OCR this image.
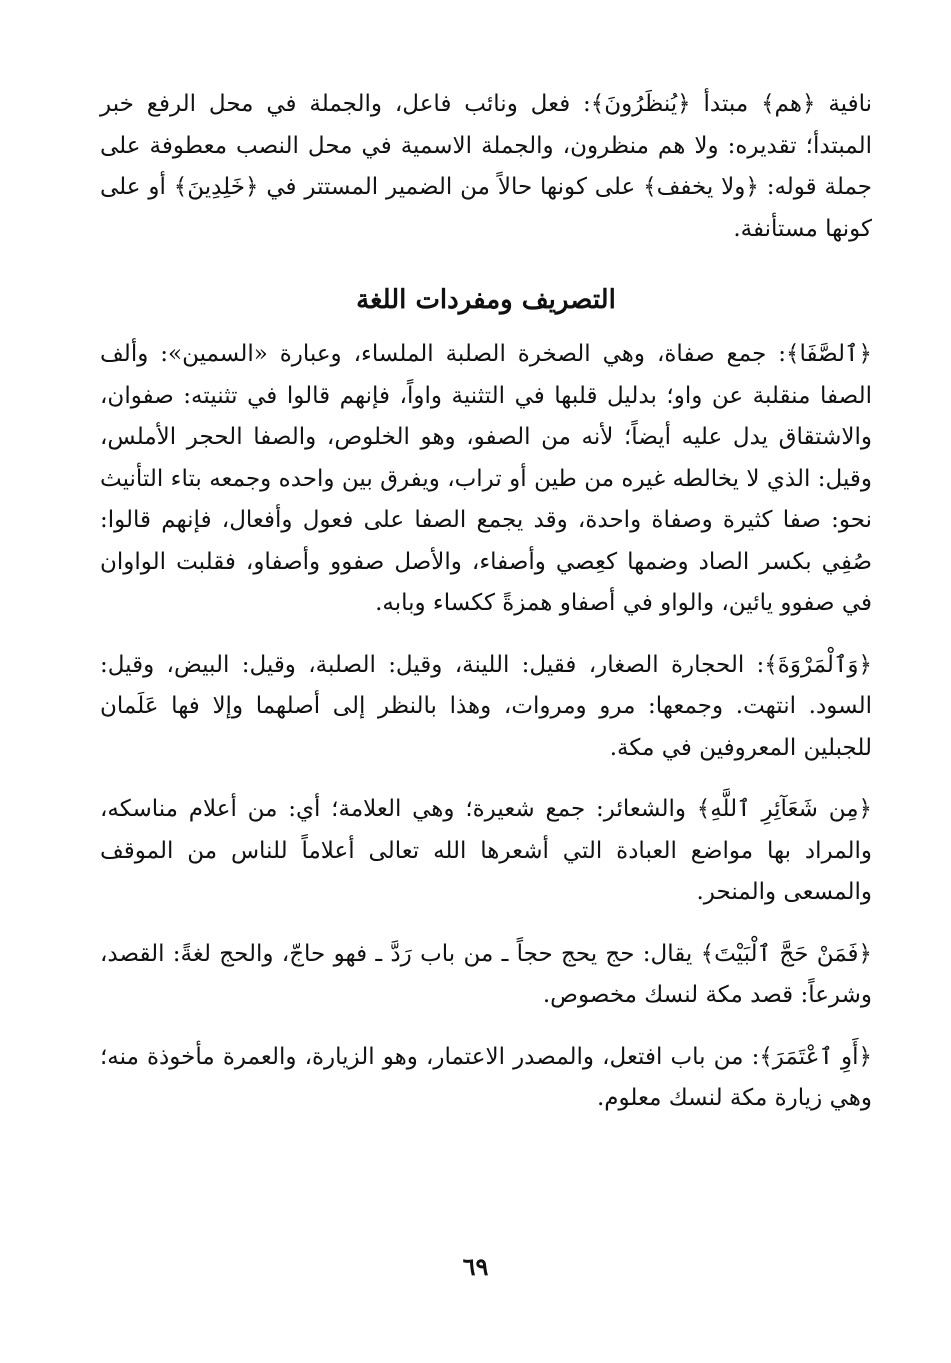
نافية ﴿هم﴾ مبتدأ ﴿يُنظَرُونَ﴾: فعل ونائب فاعل، والجملة في محل الرفع خبر المبتدأ؛ تقديره: ولا هم منظرون، والجملة الاسمية في محل النصب معطوفة على جملة قوله: ﴿ولا يخفف﴾ على كونها حالاً من الضمير المستتر في ﴿خَلِدِينَ﴾ أو على كونها مستأنفة.

التصريف ومفردات اللغة

﴿ٱلصَّفَا﴾: جمع صفاة، وهي الصخرة الصلبة الملساء، وعبارة «السمين»: وألف الصفا منقلبة عن واو؛ بدليل قلبها في التثنية واواً، فإنهم قالوا في تثنيته: صفوان، والاشتقاق يدل عليه أيضاً؛ لأنه من الصفو، وهو الخلوص، والصفا الحجر الأملس، وقيل: الذي لا يخالطه غيره من طين أو تراب، ويفرق بين واحده وجمعه بتاء التأنيث نحو: صفا كثيرة وصفاة واحدة، وقد يجمع الصفا على فعول وأفعال، فإنهم قالوا: صُفِي بكسر الصاد وضمها كعِصي وأصفاء، والأصل صفوو وأصفاو، فقلبت الواوان في صفوو يائين، والواو في أصفاو همزةً ككساء وبابه.

﴿وَٱلْمَرْوَةَ﴾: الحجارة الصغار، فقيل: اللينة، وقيل: الصلبة، وقيل: البيض، وقيل: السود. انتهت. وجمعها: مرو ومروات، وهذا بالنظر إلى أصلهما وإلا فها عَلَمان للجبلين المعروفين في مكة.

﴿مِن شَعَآئِرِ ٱللَّهِ﴾ والشعائر: جمع شعيرة؛ وهي العلامة؛ أي: من أعلام مناسكه، والمراد بها مواضع العبادة التي أشعرها الله تعالى أعلاماً للناس من الموقف والمسعى والمنحر.

﴿فَمَنْ حَجَّ ٱلْبَيْتَ﴾ يقال: حج يحج حجاً ـ من باب رَدَّ ـ فهو حاجّ، والحج لغةً: القصد، وشرعاً: قصد مكة لنسك مخصوص.

﴿أَوِ ٱعْتَمَرَ﴾: من باب افتعل، والمصدر الاعتمار، وهو الزيارة، والعمرة مأخوذة منه؛ وهي زيارة مكة لنسك معلوم.

٦٩
